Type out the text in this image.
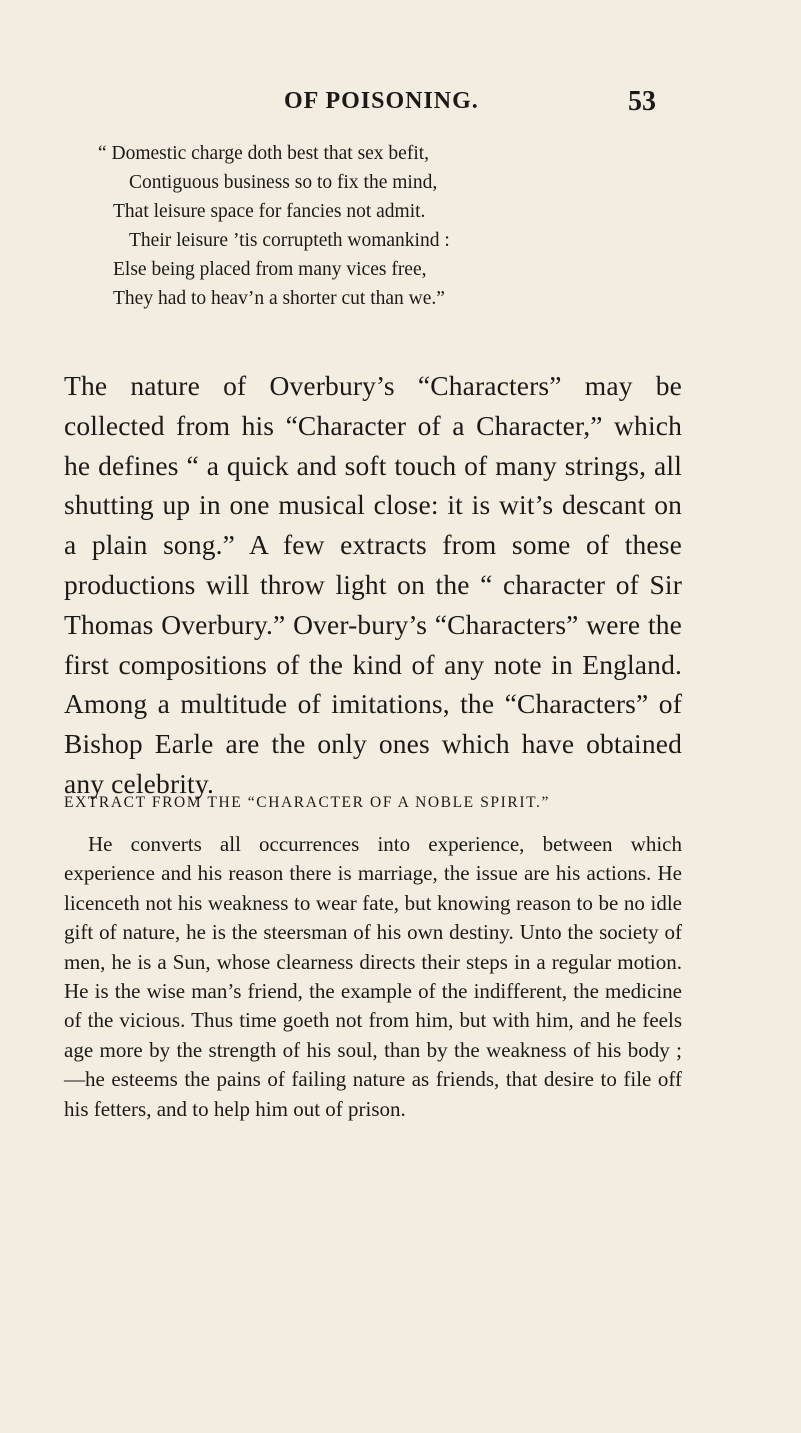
OF POISONING.	53
“ Domestic charge doth best that sex befit,
Contiguous business so to fix the mind,
That leisure space for fancies not admit.
Their leisure ’tis corrupteth womankind :
Else being placed from many vices free,
They had to heav’n a shorter cut than we.”

The nature of Overbury’s “Characters” may be collected from his “Character of a Character,” which he defines “ a quick and soft touch of many strings, all shutting up in one musical close: it is wit’s descant on a plain song.” A few extracts from some of these productions will throw light on the “ character of Sir Thomas Overbury.” Over-bury’s “Characters” were the first compositions of the kind of any note in England. Among a multitude of imitations, the “Characters” of Bishop Earle are the only ones which have obtained any celebrity.

EXTRACT FROM THE “CHARACTER OF A NOBLE SPIRIT.”

He converts all occurrences into experience, between which experience and his reason there is marriage, the issue are his actions. He licenceth not his weakness to wear fate, but knowing reason to be no idle gift of nature, he is the steersman of his own destiny. Unto the society of men, he is a Sun, whose clearness directs their steps in a regular motion. He is the wise man’s friend, the example of the indifferent, the medicine of the vicious. Thus time goeth not from him, but with him, and he feels age more by the strength of his soul, than by the weakness of his body ;—he esteems the pains of failing nature as friends, that desire to file off his fetters, and to help him out of prison.
